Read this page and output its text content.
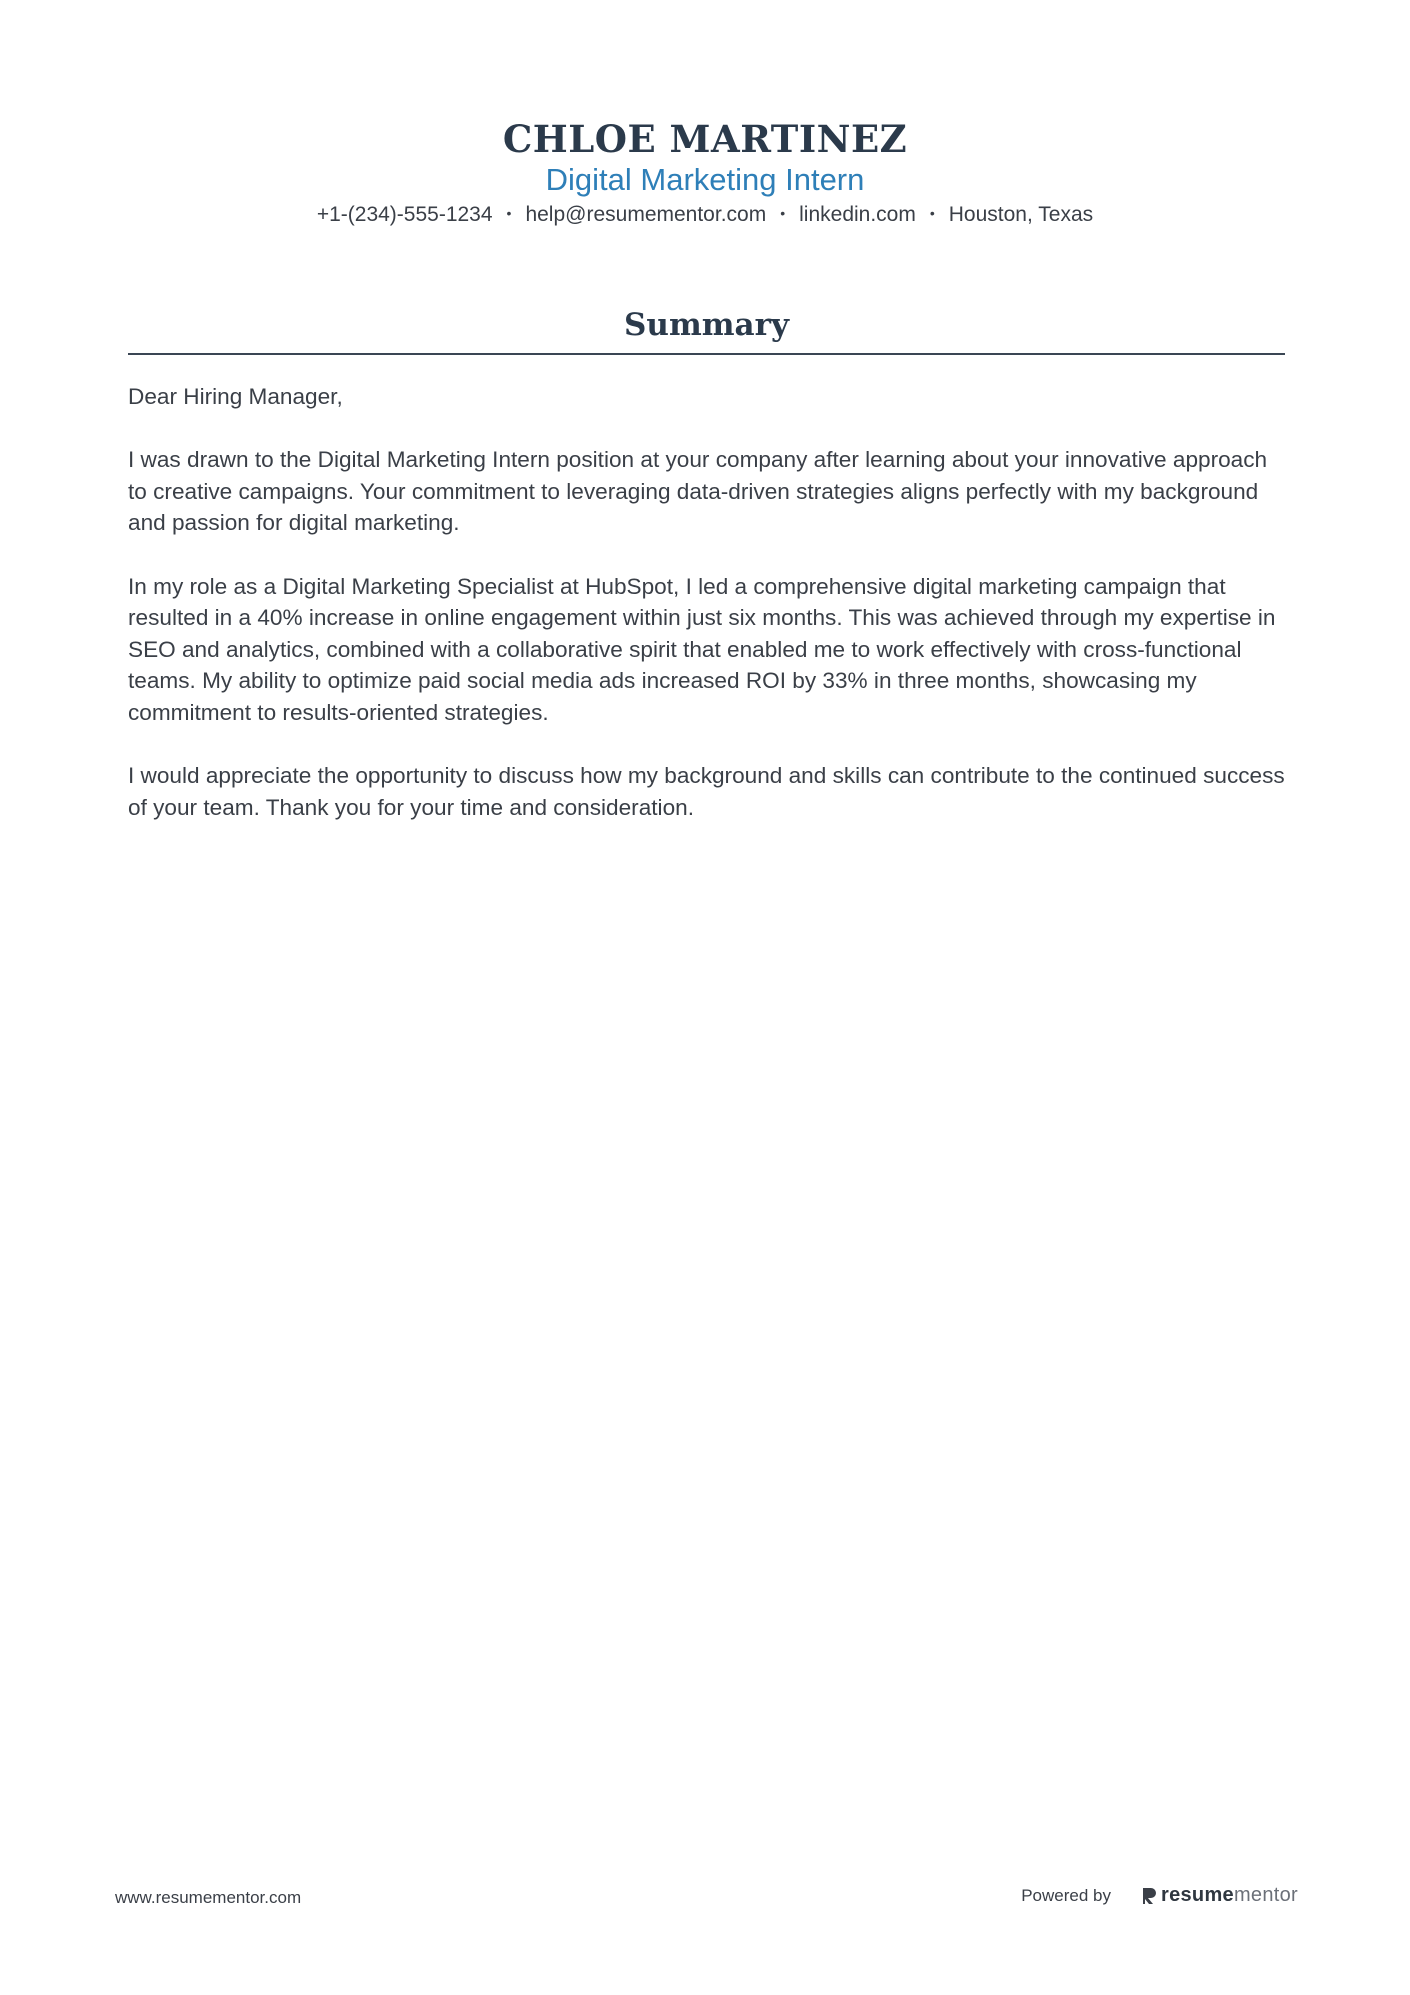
CHLOE MARTINEZ
Digital Marketing Intern
+1-(234)-555-1234 • help@resumementor.com • linkedin.com • Houston, Texas
Summary

Dear Hiring Manager,

I was drawn to the Digital Marketing Intern position at your company after learning about your innovative approach to creative campaigns. Your commitment to leveraging data-driven strategies aligns perfectly with my background and passion for digital marketing.

In my role as a Digital Marketing Specialist at HubSpot, I led a comprehensive digital marketing campaign that resulted in a 40% increase in online engagement within just six months. This was achieved through my expertise in SEO and analytics, combined with a collaborative spirit that enabled me to work effectively with cross-functional teams. My ability to optimize paid social media ads increased ROI by 33% in three months, showcasing my commitment to results-oriented strategies.

I would appreciate the opportunity to discuss how my background and skills can contribute to the continued success of your team. Thank you for your time and consideration.

www.resumementor.com	Powered by	resumementor
